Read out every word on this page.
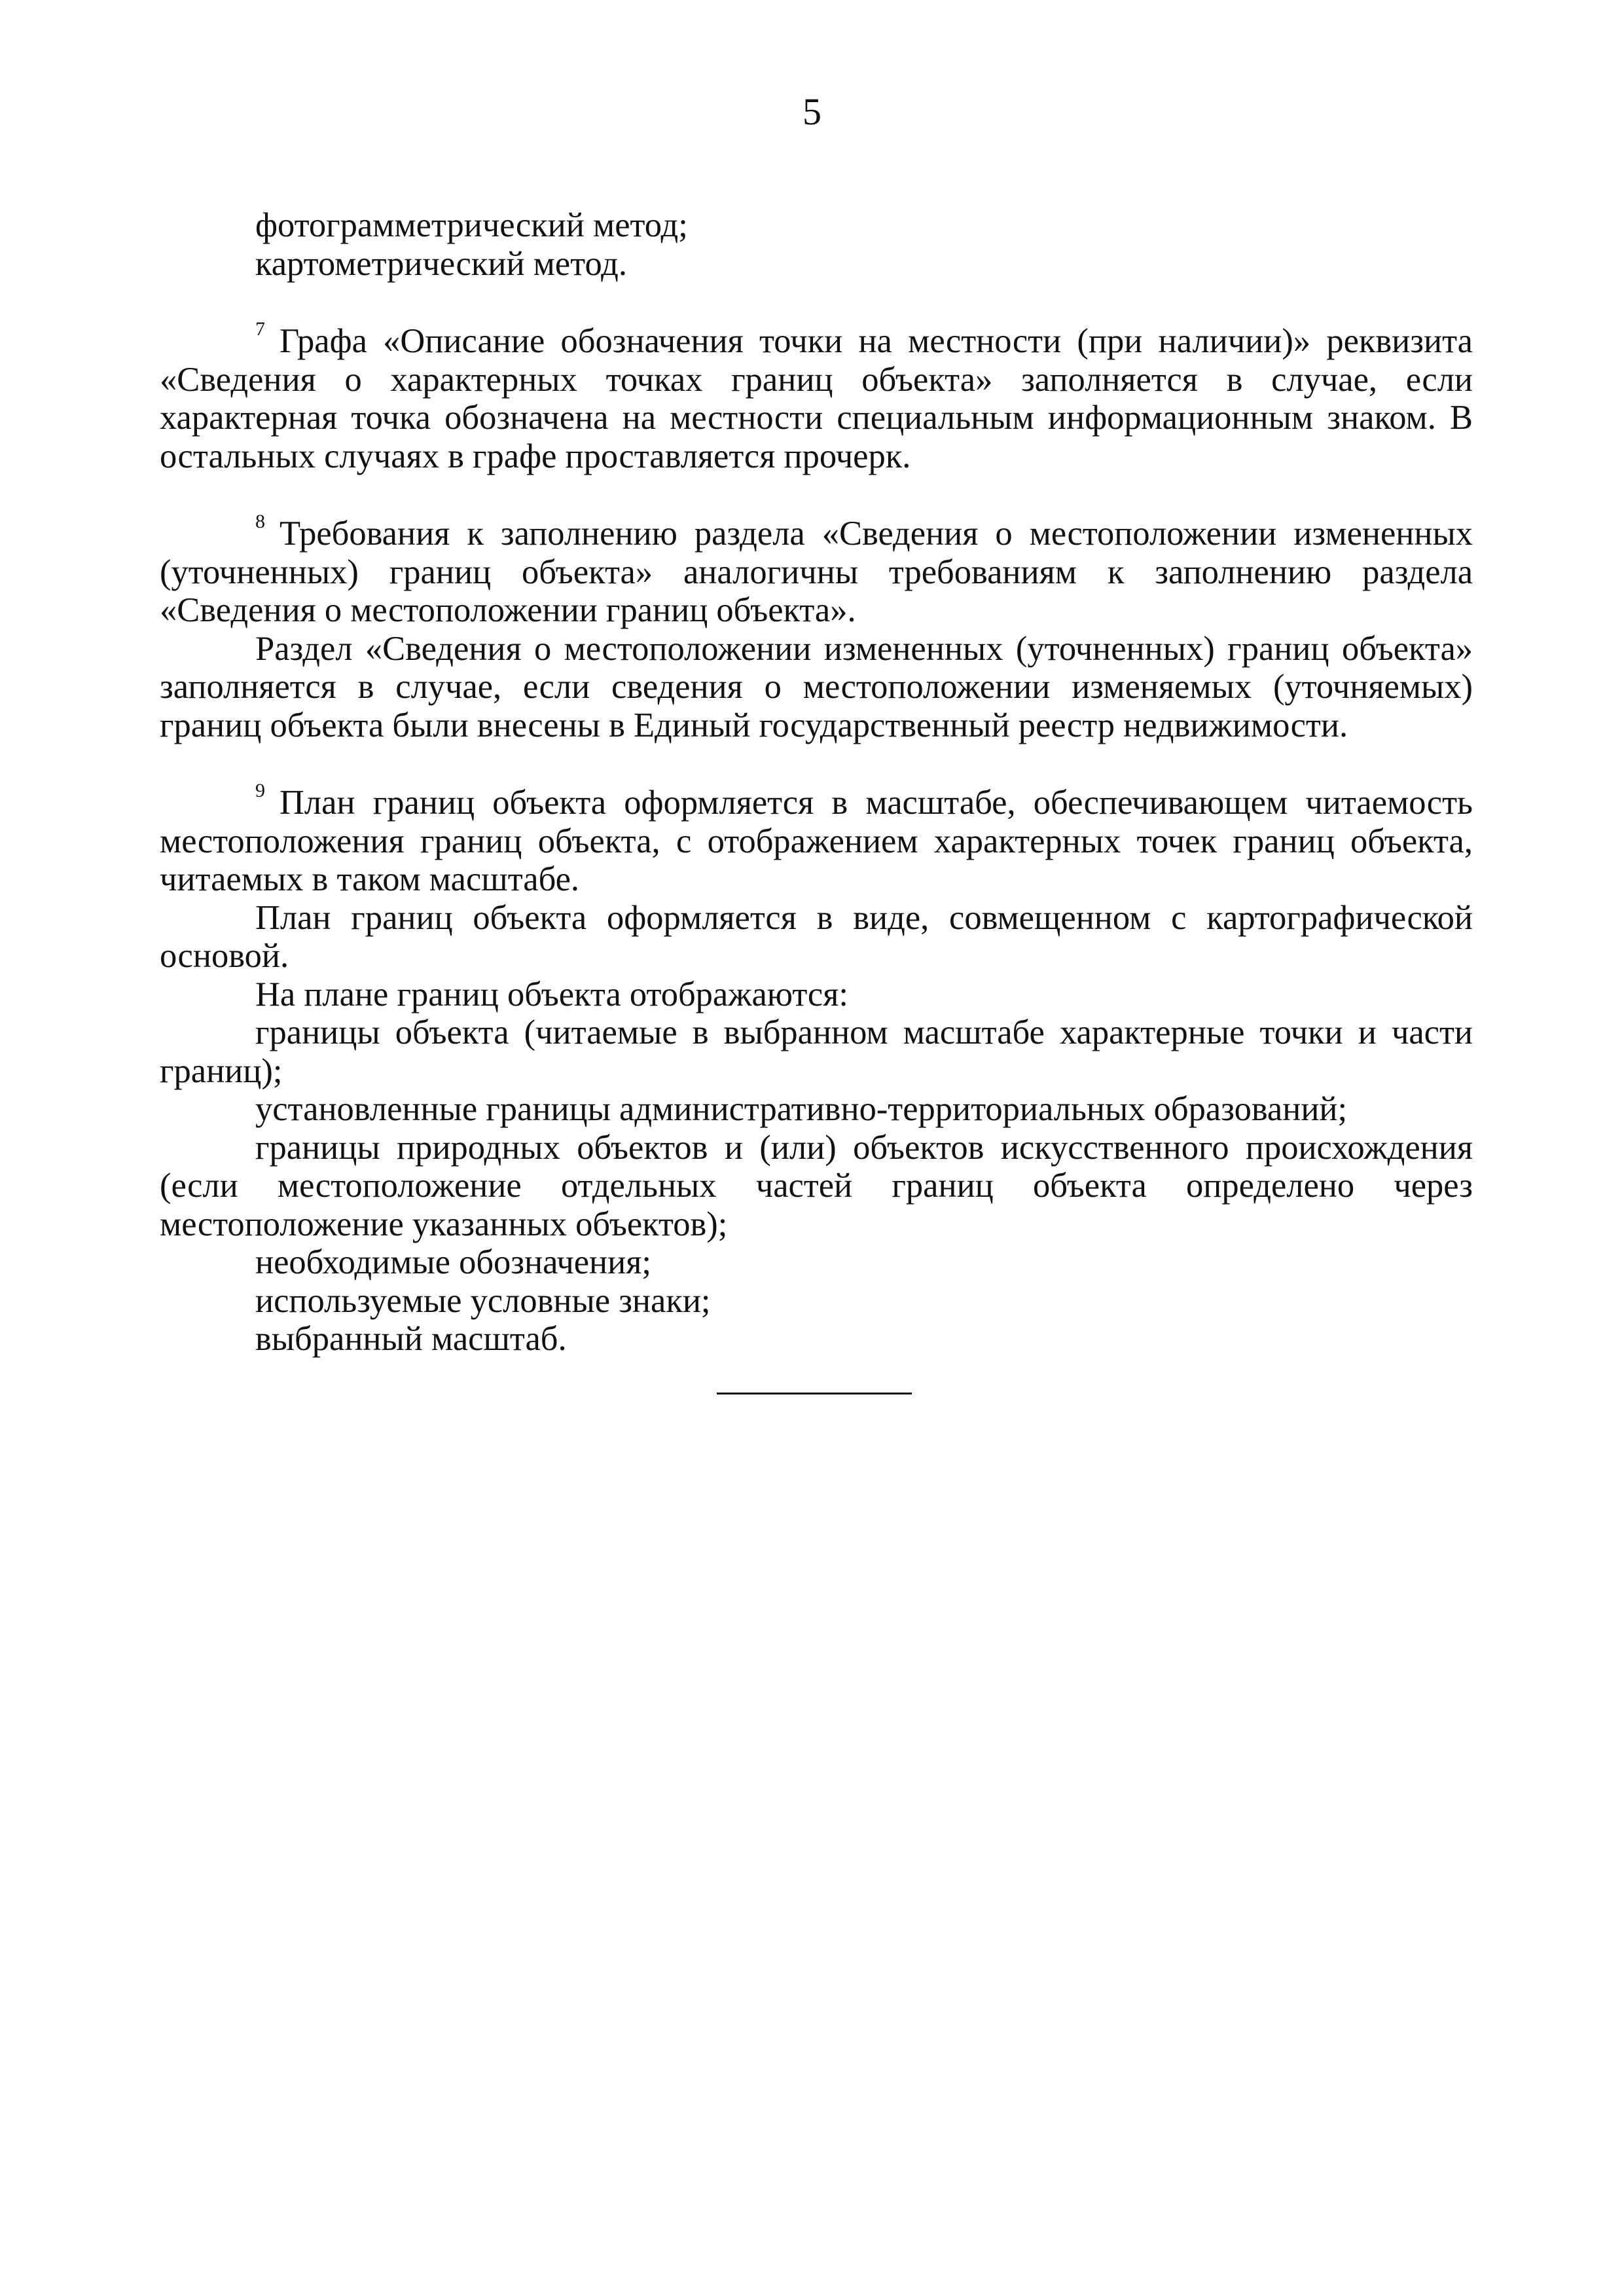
5

фотограмметрический метод;

картометрический метод.

$^7$ Графа «Описание обозначения точки на местности (при наличии)» реквизита «Сведения о характерных точках границ объекта» заполняется в случае, если характерная точка обозначена на местности специальным информационным знаком. В остальных случаях в графе проставляется прочерк.

$^8$ Требования к заполнению раздела «Сведения о местоположении измененных (уточненных) границ объекта» аналогичны требованиям к заполнению раздела «Сведения о местоположении границ объекта».

Раздел «Сведения о местоположении измененных (уточненных) границ объекта» заполняется в случае, если сведения о местоположении изменяемых (уточняемых) границ объекта были внесены в Единый государственный реестр недвижимости.

$^9$ План границ объекта оформляется в масштабе, обеспечивающем читаемость местоположения границ объекта, с отображением характерных точек границ объекта, читаемых в таком масштабе.

План границ объекта оформляется в виде, совмещенном с картографической основой.

На плане границ объекта отображаются:

границы объекта (читаемые в выбранном масштабе характерные точки и части границ);

установленные границы административно-территориальных образований;

границы природных объектов и (или) объектов искусственного происхождения (если местоположение отдельных частей границ объекта определено через местоположение указанных объектов);

необходимые обозначения;

используемые условные знаки;

выбранный масштаб.
